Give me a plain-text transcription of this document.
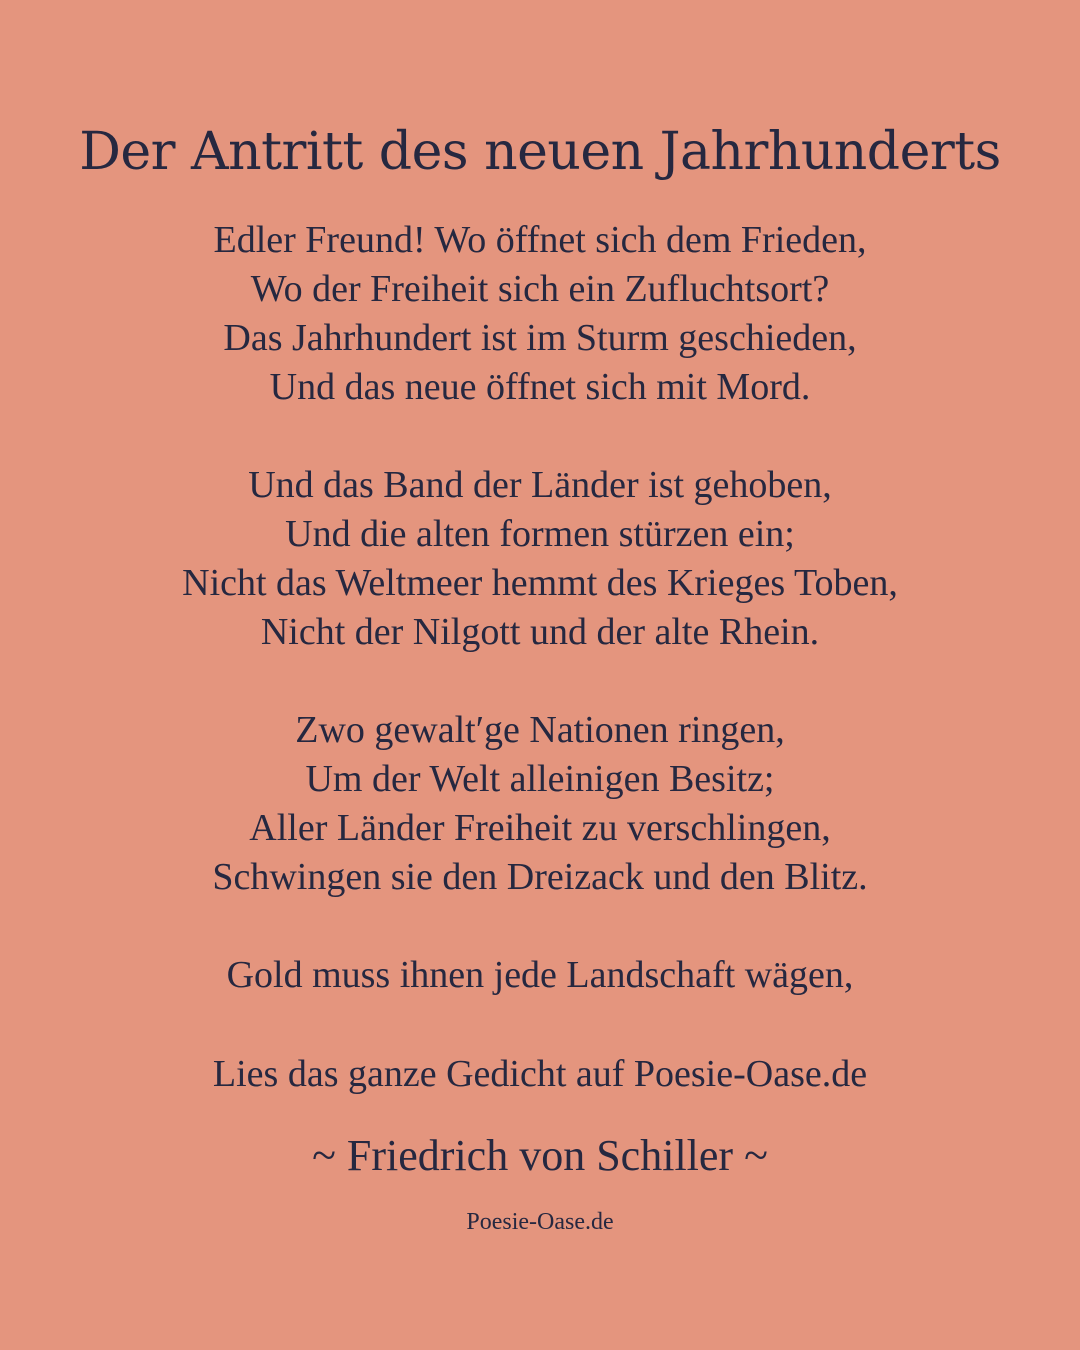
Der Antritt des neuen Jahrhunderts

Edler Freund! Wo öffnet sich dem Frieden,
Wo der Freiheit sich ein Zufluchtsort?
Das Jahrhundert ist im Sturm geschieden,
Und das neue öffnet sich mit Mord.

Und das Band der Länder ist gehoben,
Und die alten formen stürzen ein;
Nicht das Weltmeer hemmt des Krieges Toben,
Nicht der Nilgott und der alte Rhein.

Zwo gewalt′ge Nationen ringen,
Um der Welt alleinigen Besitz;
Aller Länder Freiheit zu verschlingen,
Schwingen sie den Dreizack und den Blitz.

Gold muss ihnen jede Landschaft wägen,

Lies das ganze Gedicht auf Poesie-Oase.de
~ Friedrich von Schiller ~
Poesie-Oase.de
